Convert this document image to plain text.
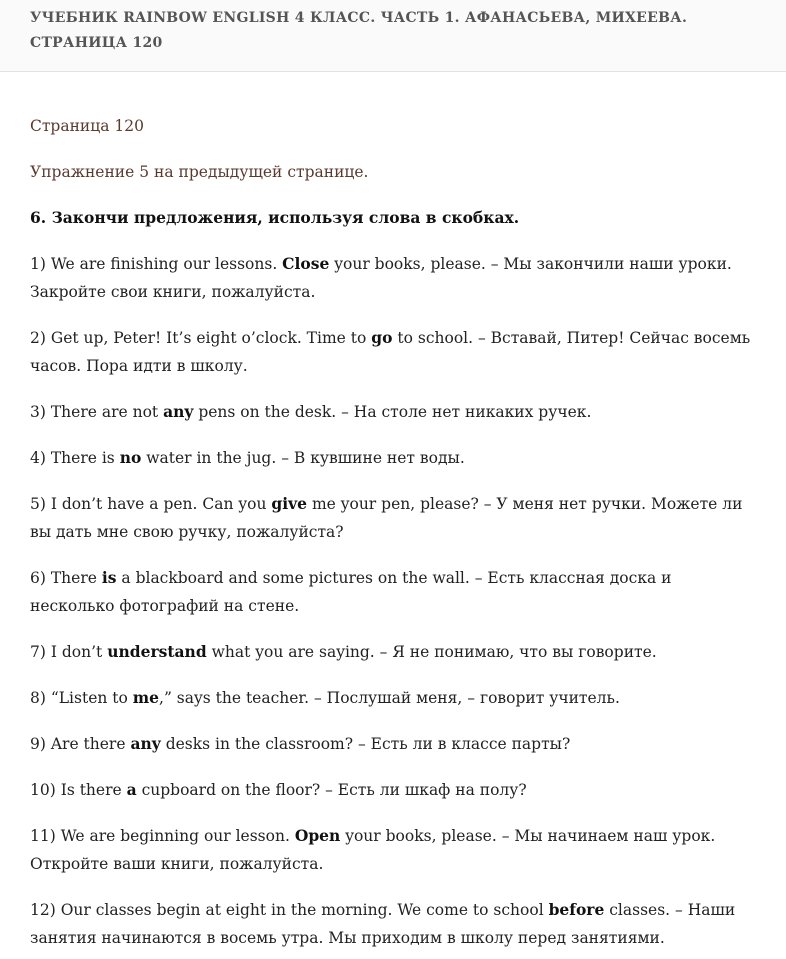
УЧЕБНИК RAINBOW ENGLISH 4 КЛАСС. ЧАСТЬ 1. АФАНАСЬЕВА, МИХЕЕВА. СТРАНИЦА 120

Страница 120

Упражнение 5 на предыдущей странице.

6. Закончи предложения, используя слова в скобках.

1) We are finishing our lessons. Close your books, please. – Мы закончили наши уроки. Закройте свои книги, пожалуйста.

2) Get up, Peter! It’s eight o’clock. Time to go to school. – Вставай, Питер! Сейчас восемь часов. Пора идти в школу.

3) There are not any pens on the desk. – На столе нет никаких ручек.

4) There is no water in the jug. – В кувшине нет воды.

5) I don’t have a pen. Can you give me your pen, please? – У меня нет ручки. Можете ли вы дать мне свою ручку, пожалуйста?

6) There is a blackboard and some pictures on the wall. – Есть классная доска и несколько фотографий на стене.

7) I don’t understand what you are saying. – Я не понимаю, что вы говорите.

8) “Listen to me,” says the teacher. – Послушай меня, – говорит учитель.

9) Are there any desks in the classroom? – Есть ли в классе парты?

10) Is there a cupboard on the floor? – Есть ли шкаф на полу?

11) We are beginning our lesson. Open your books, please. – Мы начинаем наш урок. Откройте ваши книги, пожалуйста.

12) Our classes begin at eight in the morning. We come to school before classes. – Наши занятия начинаются в восемь утра. Мы приходим в школу перед занятиями.
